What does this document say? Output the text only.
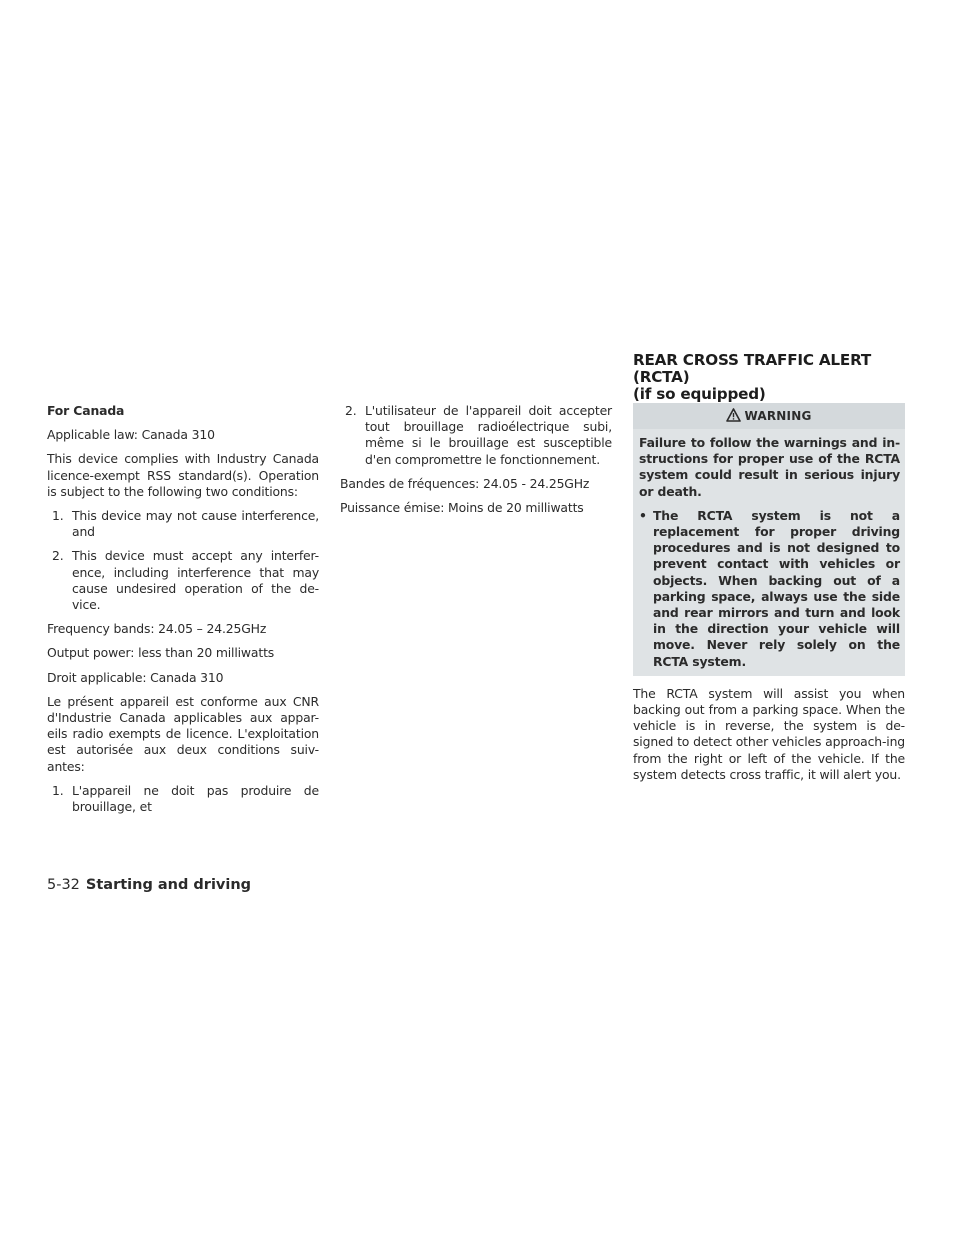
REAR CROSS TRAFFIC ALERT (RCTA)
(if so equipped)

For Canada

Applicable law: Canada 310

This device complies with Industry Canada licence-exempt RSS standard(s). Operation is subject to the following two conditions:

1. This device may not cause interference, and
2. This device must accept any interfer-ence, including interference that may cause undesired operation of the de-vice.

Frequency bands: 24.05 – 24.25GHz

Output power: less than 20 milliwatts

Droit applicable: Canada 310

Le présent appareil est conforme aux CNR d'Industrie Canada applicables aux appar-eils radio exempts de licence. L'exploitation est autorisée aux deux conditions suiv-antes:

1. L'appareil ne doit pas produire de brouillage, et
2. L'utilisateur de l'appareil doit accepter tout brouillage radioélectrique subi, même si le brouillage est susceptible d'en compromettre le fonctionnement.

Bandes de fréquences: 24.05 - 24.25GHz

Puissance émise: Moins de 20 milliwatts

WARNING

Failure to follow the warnings and in-structions for proper use of the RCTA system could result in serious injury or death.

• The RCTA system is not a replacement for proper driving procedures and is not designed to prevent contact with vehicles or objects. When backing out of a parking space, always use the side and rear mirrors and turn and look in the direction your vehicle will move. Never rely solely on the RCTA system.

The RCTA system will assist you when backing out from a parking space. When the vehicle is in reverse, the system is de-signed to detect other vehicles approach-ing from the right or left of the vehicle. If the system detects cross traffic, it will alert you.

5-32 Starting and driving
